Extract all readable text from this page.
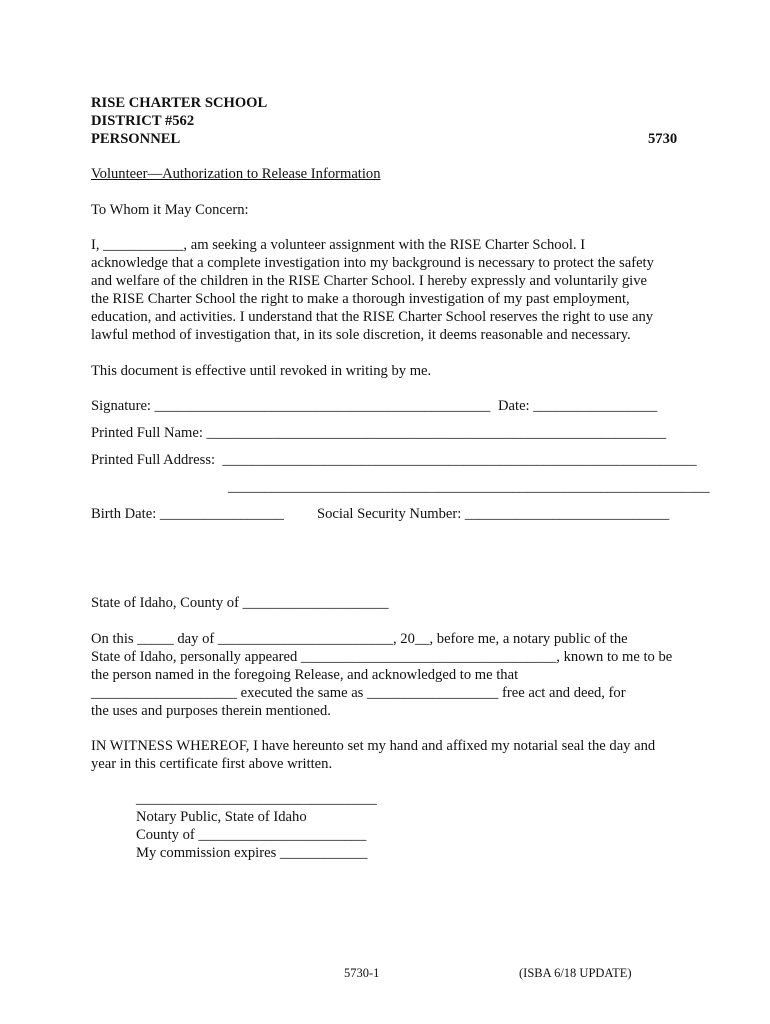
RISE CHARTER SCHOOL
DISTRICT #562
PERSONNEL	5730
Volunteer—Authorization to Release Information
To Whom it May Concern:
I, ___________, am seeking a volunteer assignment with the RISE Charter School. I
acknowledge that a complete investigation into my background is necessary to protect the safety
and welfare of the children in the RISE Charter School. I hereby expressly and voluntarily give
the RISE Charter School the right to make a thorough investigation of my past employment,
education, and activities. I understand that the RISE Charter School reserves the right to use any
lawful method of investigation that, in its sole discretion, it deems reasonable and necessary.
This document is effective until revoked in writing by me.
Signature: ______________________________________________ Date: _________________
Printed Full Name: _______________________________________________________________
Printed Full Address:  _________________________________________________________________
__________________________________________________________________
Birth Date: _________________ Social Security Number: ____________________________
State of Idaho, County of ____________________
On this _____ day of ________________________, 20__, before me, a notary public of the
State of Idaho, personally appeared ___________________________________, known to me to be
the person named in the foregoing Release, and acknowledged to me that
____________________ executed the same as __________________ free act and deed, for
the uses and purposes therein mentioned.
IN WITNESS WHEREOF, I have hereunto set my hand and affixed my notarial seal the day and
year in this certificate first above written.
_________________________________
Notary Public, State of Idaho
County of _______________________
My commission expires ____________
5730-1	(ISBA 6/18 UPDATE)
